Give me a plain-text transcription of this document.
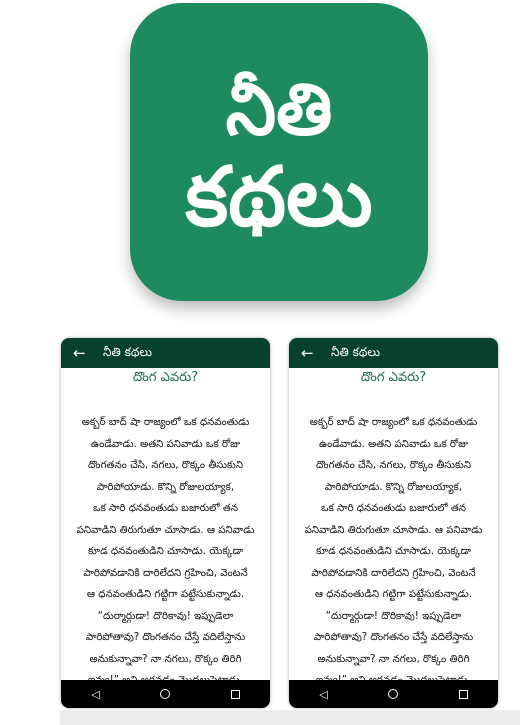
నీతి
కథలు
← నీతి కథలు
దొంగ ఎవరు?
అక్బర్ బాద్ షా రాజ్యంలో ఒక ధనవంతుడు
ఉండేవాడు. అతని పనివాడు ఒక రోజు
దొంగతనం చేసి, నగలు, రొక్కం తీసుకుని
పారిపోయాడు. కొన్ని రోజులయ్యాక,
ఒక సారి ధనవంతుడు బజారులో తన
పనివాడిని తిరుగుతూ చూసాడు. ఆ పనివాడు
కూడ ధనవంతుడిని చూసాడు. యెక్కడా
పారిపోవడానికి దారిలేదని గ్రహించి, వెంటనే
ఆ ధనవంతుడిని గట్టిగా పట్టేసుకున్నాడు.
“దుర్మార్గుడా! దొరికావు! ఇప్పుడెలా
పారిపోతావు? దొంగతనం చేస్తే వదిలేస్తాను
అనుకున్నావా? నా నగలు, రొక్కం తిరిగి
◁
← నీతి కథలు
దొంగ ఎవరు?
అక్బర్ బాద్ షా రాజ్యంలో ఒక ధనవంతుడు
ఉండేవాడు. అతని పనివాడు ఒక రోజు
దొంగతనం చేసి, నగలు, రొక్కం తీసుకుని
పారిపోయాడు. కొన్ని రోజులయ్యాక,
ఒక సారి ధనవంతుడు బజారులో తన
పనివాడిని తిరుగుతూ చూసాడు. ఆ పనివాడు
కూడ ధనవంతుడిని చూసాడు. యెక్కడా
పారిపోవడానికి దారిలేదని గ్రహించి, వెంటనే
ఆ ధనవంతుడిని గట్టిగా పట్టేసుకున్నాడు.
“దుర్మార్గుడా! దొరికావు! ఇప్పుడెలా
పారిపోతావు? దొంగతనం చేస్తే వదిలేస్తాను
అనుకున్నావా? నా నగలు, రొక్కం తిరిగి
◁
